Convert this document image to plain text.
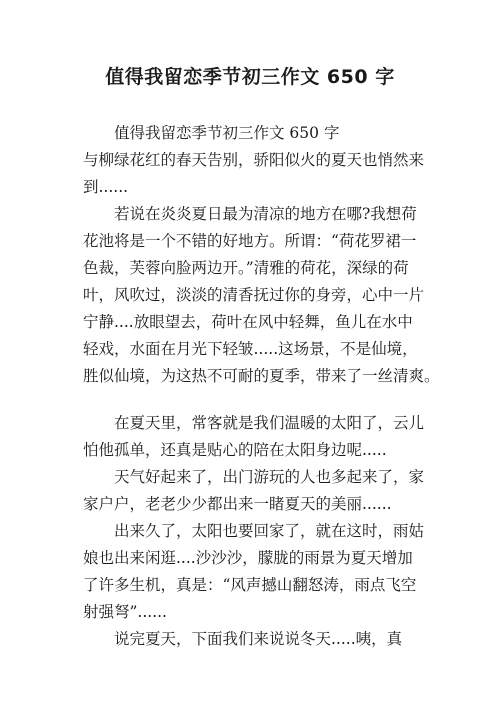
值得我留恋季节初三作文 650 字
值得我留恋季节初三作文 650 字
与柳绿花红的春天告别，骄阳似火的夏天也悄然来
到......
若说在炎炎夏日最为清凉的地方在哪?我想荷
花池将是一个不错的好地方。所谓：“荷花罗裙一
色裁，芙蓉向脸两边开。”清雅的荷花，深绿的荷
叶，风吹过，淡淡的清香抚过你的身旁，心中一片
宁静....放眼望去，荷叶在风中轻舞，鱼儿在水中
轻戏，水面在月光下轻皱.....这场景，不是仙境，
胜似仙境，为这热不可耐的夏季，带来了一丝清爽。
在夏天里，常客就是我们温暖的太阳了，云儿
怕他孤单，还真是贴心的陪在太阳身边呢.....
天气好起来了，出门游玩的人也多起来了，家
家户户，老老少少都出来一睹夏天的美丽......
出来久了，太阳也要回家了，就在这时，雨姑
娘也出来闲逛....沙沙沙，朦胧的雨景为夏天增加
了许多生机，真是：“风声撼山翻怒涛，雨点飞空
射强弩”......
说完夏天，下面我们来说说冬天.....咦，真
